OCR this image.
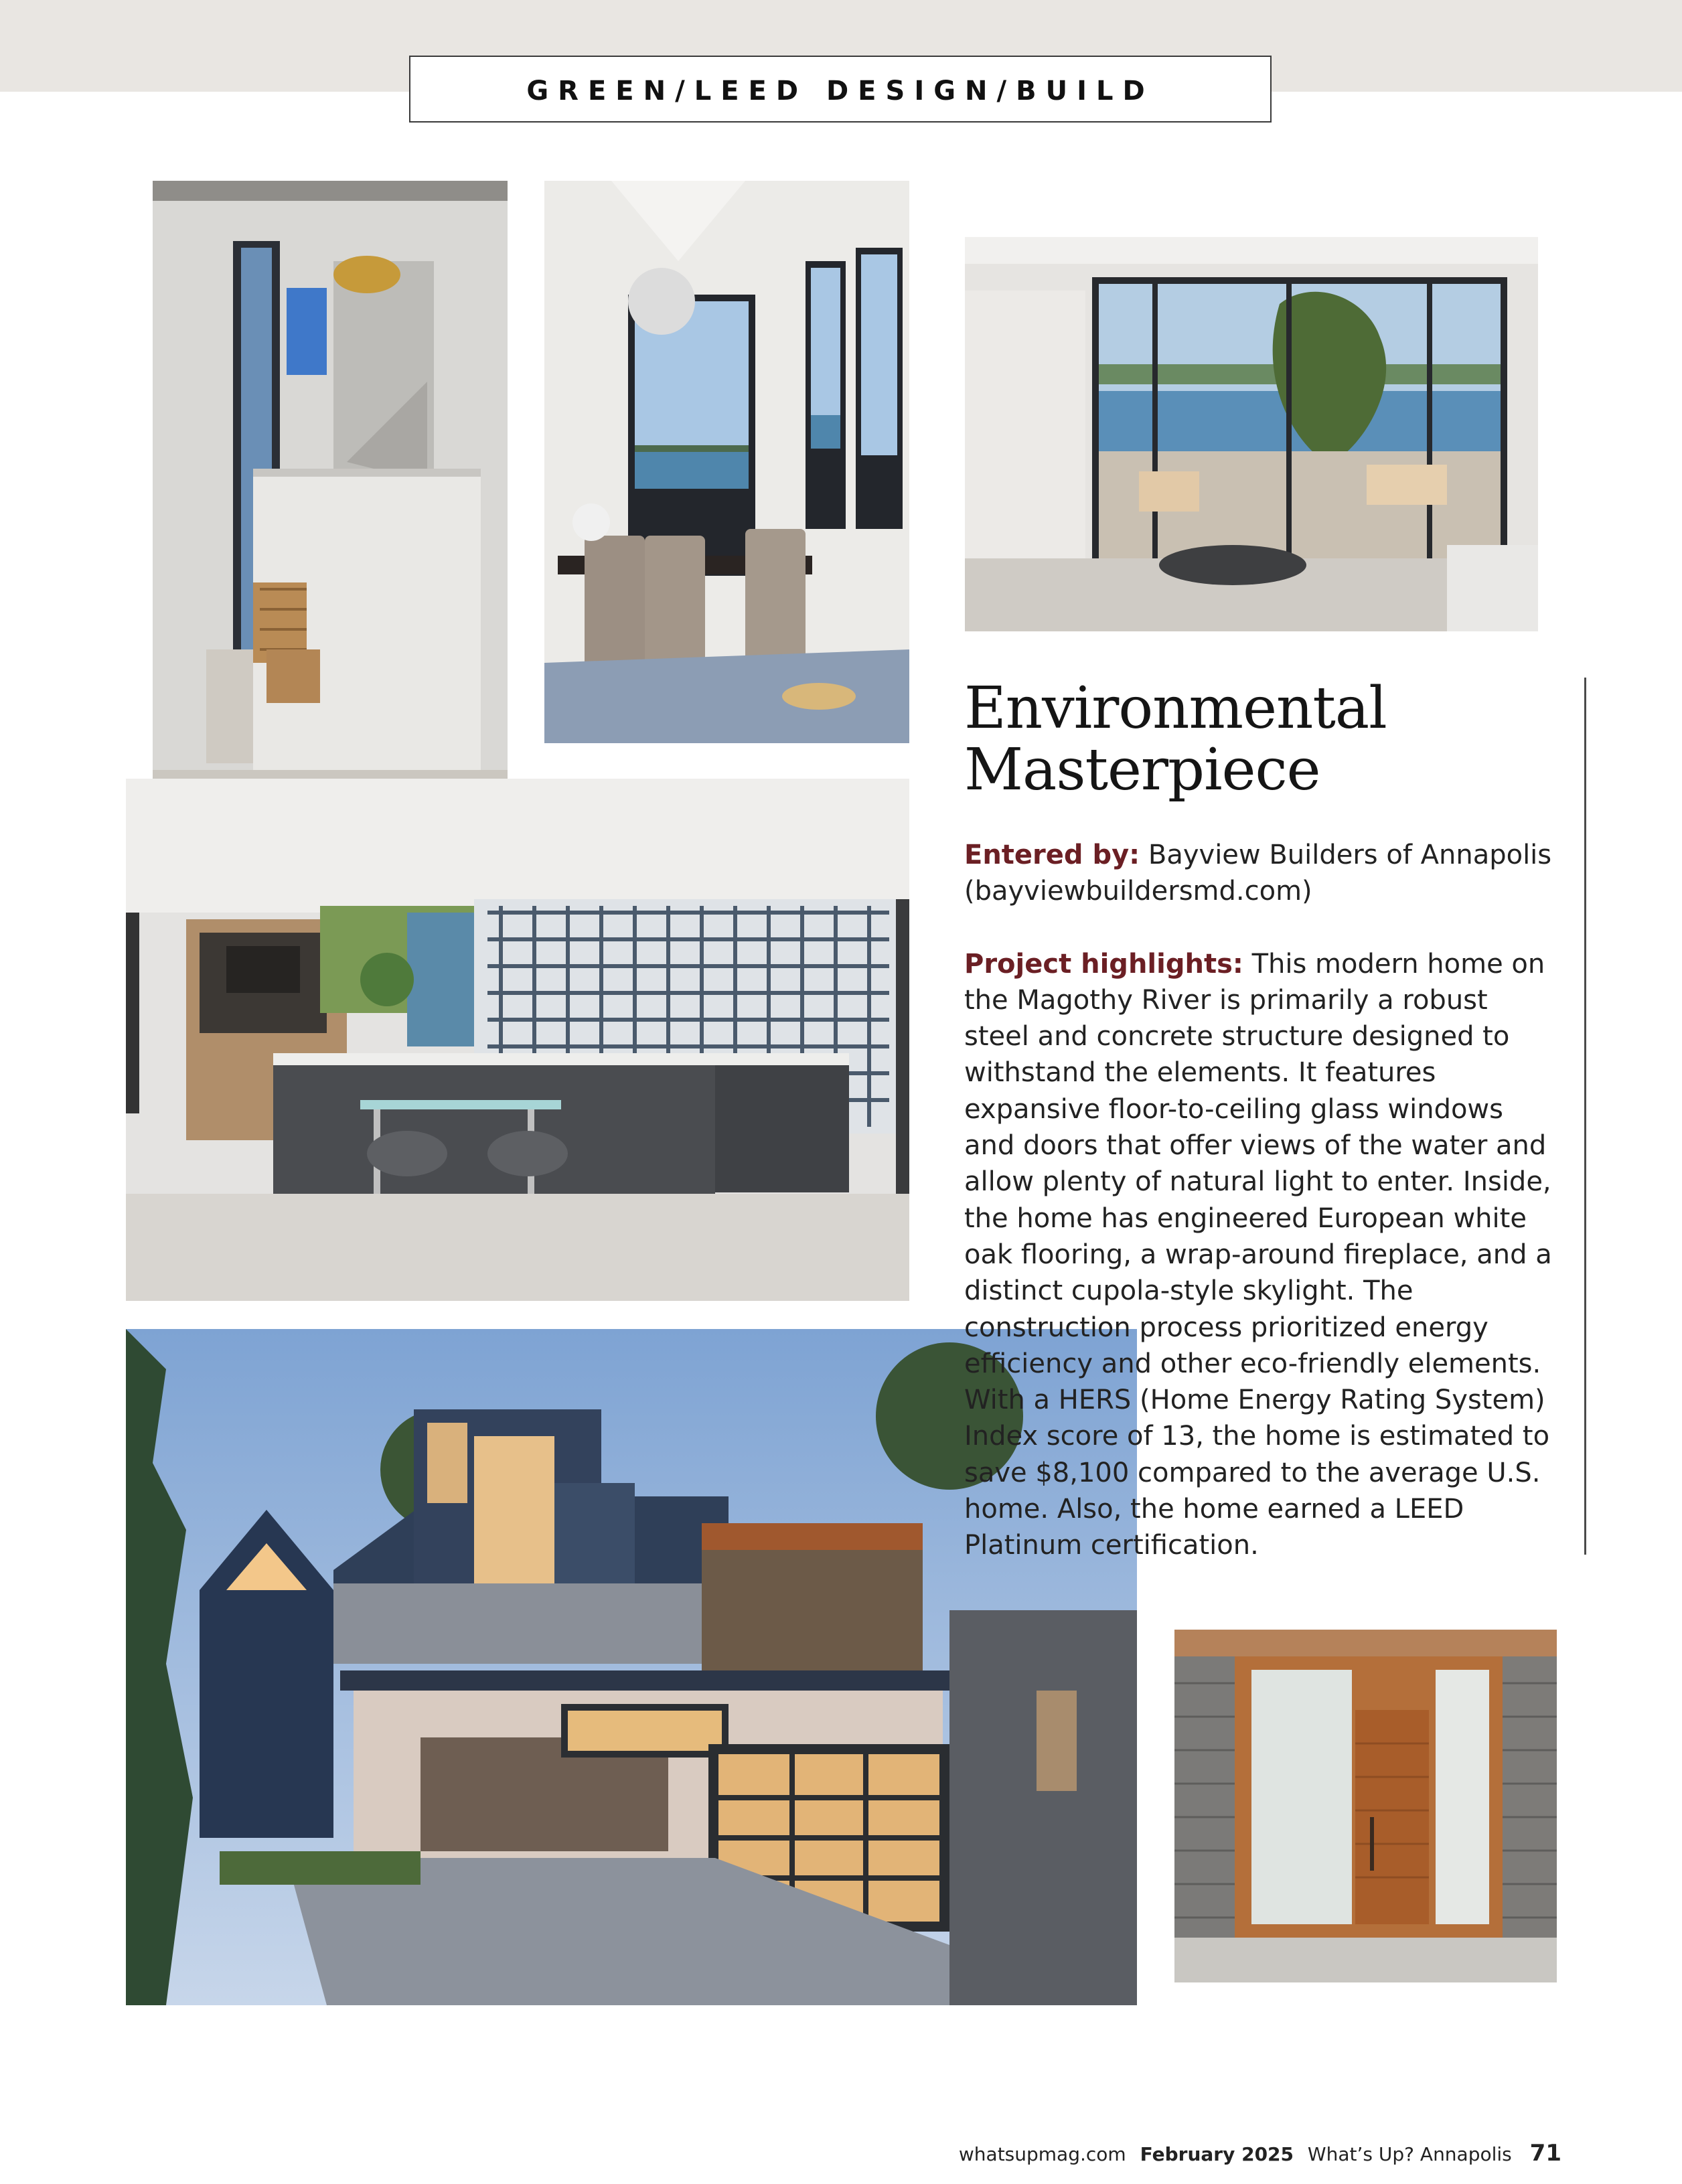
GREEN/LEED DESIGN/BUILD
Environmental Masterpiece

Entered by: Bayview Builders of Annapolis (bayviewbuildersmd.com)

Project highlights: This modern home on the Magothy River is primarily a robust steel and concrete structure designed to withstand the elements. It features expansive floor-to-ceiling glass windows and doors that offer views of the water and allow plenty of natural light to enter. Inside, the home has engineered European white oak flooring, a wrap-around fireplace, and a distinct cupola-style skylight. The construction process prioritized energy efficiency and other eco-friendly elements. With a HERS (Home Energy Rating System) Index score of 13, the home is estimated to save $8,100 compared to the average U.S. home. Also, the home earned a LEED Platinum certification.

whatsupmag.com February 2025 What’s Up? Annapolis 71
